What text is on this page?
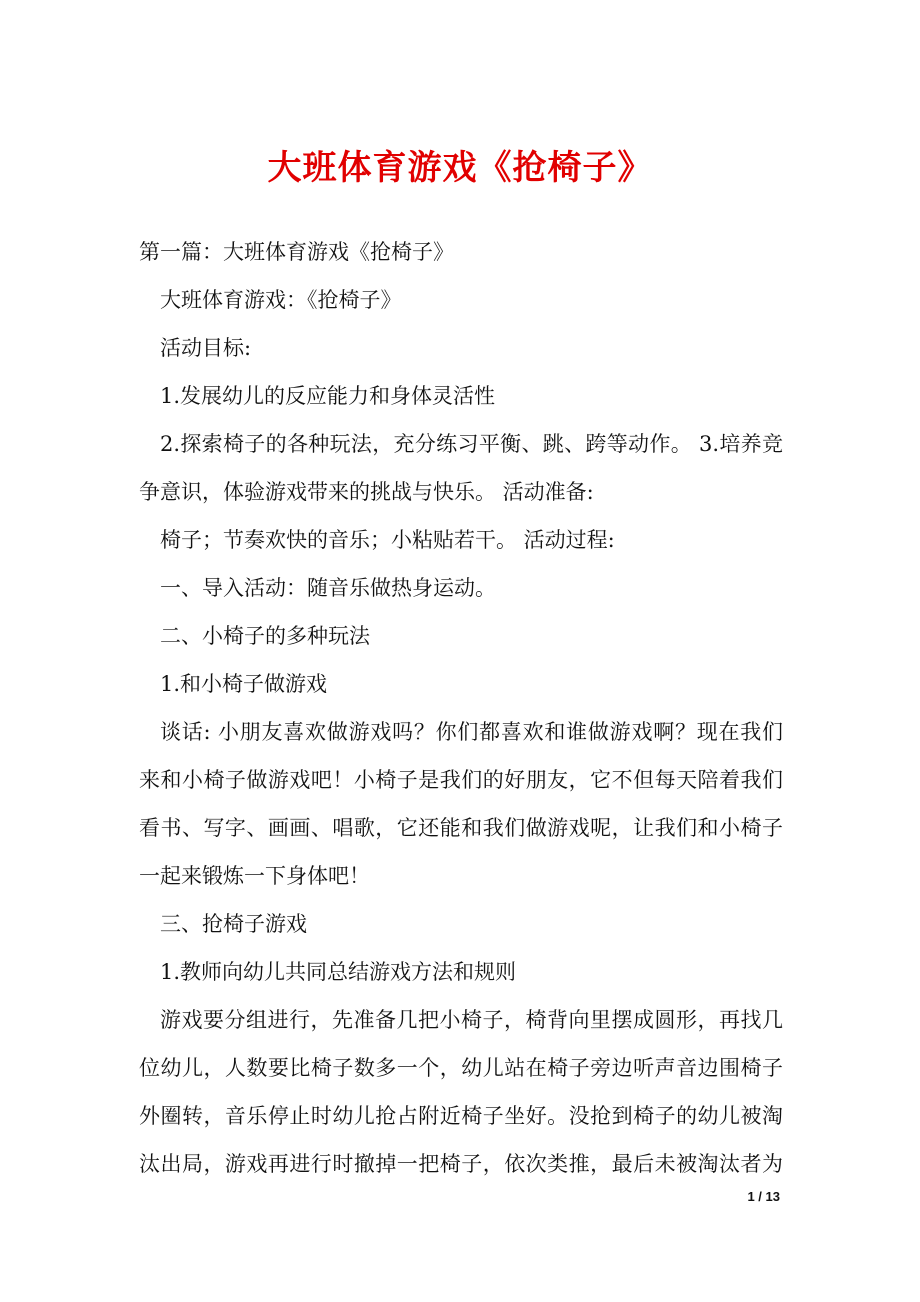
大班体育游戏《抢椅子》
第一篇：大班体育游戏《抢椅子》
大班体育游戏：《抢椅子》
活动目标:
1.发展幼儿的反应能力和身体灵活性
2.探索椅子的各种玩法，充分练习平衡、跳、跨等动作。 3.培养竞
争意识，体验游戏带来的挑战与快乐。 活动准备:
椅子；节奏欢快的音乐；小粘贴若干。 活动过程:
一、导入活动：随音乐做热身运动。
二、小椅子的多种玩法
1.和小椅子做游戏
谈话: 小朋友喜欢做游戏吗？你们都喜欢和谁做游戏啊？现在我们
来和小椅子做游戏吧！小椅子是我们的好朋友，它不但每天陪着我们
看书、写字、画画、唱歌，它还能和我们做游戏呢，让我们和小椅子
一起来锻炼一下身体吧！
三、抢椅子游戏
1.教师向幼儿共同总结游戏方法和规则
游戏要分组进行，先准备几把小椅子，椅背向里摆成圆形，再找几
位幼儿，人数要比椅子数多一个，幼儿站在椅子旁边听声音边围椅子
外圈转，音乐停止时幼儿抢占附近椅子坐好。没抢到椅子的幼儿被淘
汰出局，游戏再进行时撤掉一把椅子，依次类推，最后未被淘汰者为
1 / 13
